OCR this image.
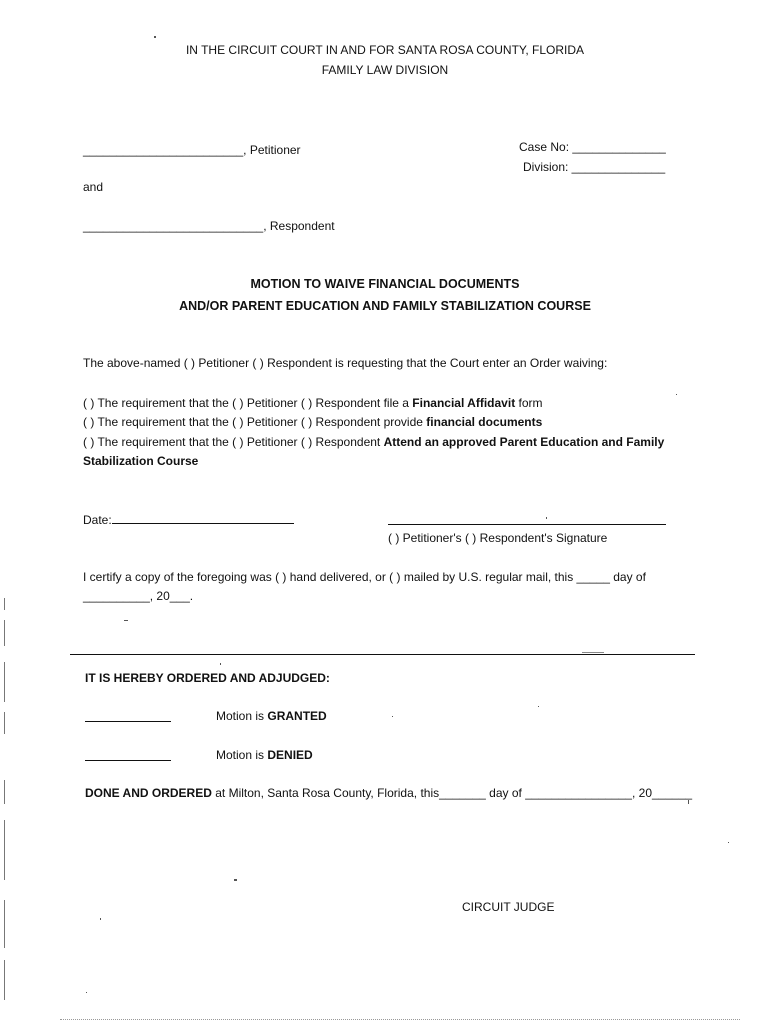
IN THE CIRCUIT COURT IN AND FOR SANTA ROSA COUNTY, FLORIDA
FAMILY LAW DIVISION
________________________, Petitioner	Case No: ______________
Division: ______________
and
___________________________, Respondent
MOTION TO WAIVE FINANCIAL DOCUMENTS
AND/OR PARENT EDUCATION AND FAMILY STABILIZATION COURSE
The above-named ( ) Petitioner ( ) Respondent is requesting that the Court enter an Order waiving:
( ) The requirement that the ( ) Petitioner ( ) Respondent file a Financial Affidavit form
( ) The requirement that the ( ) Petitioner ( ) Respondent provide financial documents
( ) The requirement that the ( ) Petitioner ( ) Respondent Attend an approved Parent Education and Family
Stabilization Course
Date:
( ) Petitioner's ( ) Respondent's Signature
I certify a copy of the foregoing was ( ) hand delivered, or ( ) mailed by U.S. regular mail, this _____ day of
__________, 20___.
IT IS HEREBY ORDERED AND ADJUDGED:
Motion is GRANTED
Motion is DENIED
DONE AND ORDERED at Milton, Santa Rosa County, Florida, this_______ day of ________________, 20______
CIRCUIT JUDGE
